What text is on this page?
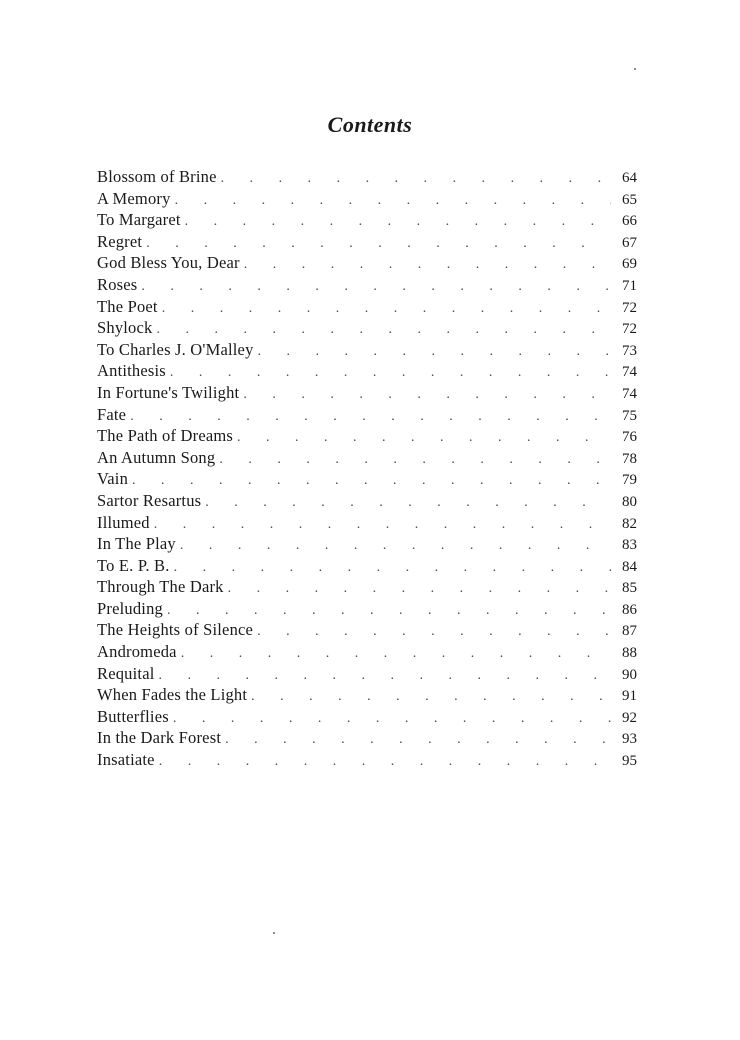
Contents
Blossom of Brine . . .	64
A Memory . . .	65
To Margaret . . .	66
Regret . . .	67
God Bless You, Dear . . .	69
Roses . . .	71
The Poet . . .	72
Shylock . . .	72
To Charles J. O'Malley . . .	73
Antithesis . . .	74
In Fortune's Twilight . . .	74
Fate . . .	75
The Path of Dreams . . .	76
An Autumn Song . . .	78
Vain . . .	79
Sartor Resartus . . .	80
Illumed . . .	82
In The Play . . .	83
To E. P. B. . . .	84
Through The Dark . . .	85
Preluding . . .	86
The Heights of Silence . . .	87
Andromeda . . .	88
Requital . . .	90
When Fades the Light . . .	91
Butterflies . . .	92
In the Dark Forest . . .	93
Insatiate . . .	95
